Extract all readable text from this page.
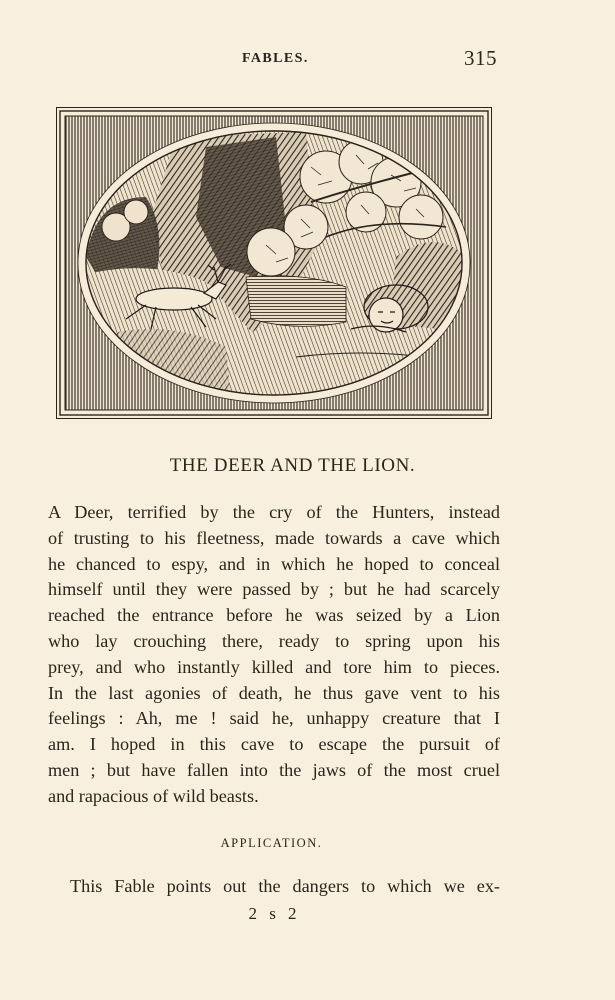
FABLES.	315
THE DEER AND THE LION.
A Deer, terrified by the cry of the Hunters, instead
of trusting to his fleetness, made towards a cave which
he chanced to espy, and in which he hoped to conceal
himself until they were passed by ; but he had scarcely
reached the entrance before he was seized by a Lion
who lay crouching there, ready to spring upon his
prey, and who instantly killed and tore him to pieces.
In the last agonies of death, he thus gave vent to his
feelings : Ah, me ! said he, unhappy creature that I
am. I hoped in this cave to escape the pursuit of
men ; but have fallen into the jaws of the most cruel
and rapacious of wild beasts.
APPLICATION.
This Fable points out the dangers to which we ex-
2 s 2
